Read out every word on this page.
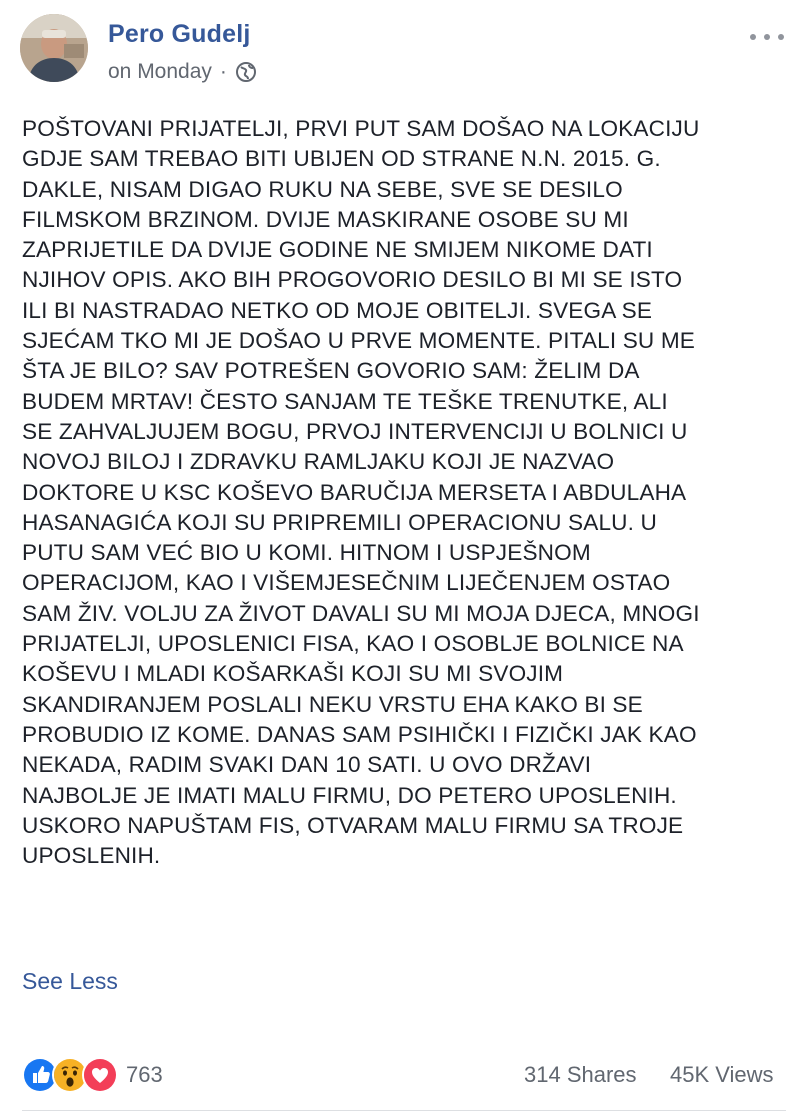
Pero Gudelj
on Monday ·

POŠTOVANI PRIJATELJI, PRVI PUT SAM DOŠAO NA LOKACIJU
GDJE SAM TREBAO BITI UBIJEN OD STRANE N.N. 2015. G.
DAKLE, NISAM DIGAO RUKU NA SEBE, SVE SE DESILO
FILMSKOM BRZINOM. DVIJE MASKIRANE OSOBE SU MI
ZAPRIJETILE DA DVIJE GODINE NE SMIJEM NIKOME DATI
NJIHOV OPIS. AKO BIH PROGOVORIO DESILO BI MI SE ISTO
ILI BI NASTRADAO NETKO OD MOJE OBITELJI. SVEGA SE
SJEĆAM TKO MI JE DOŠAO U PRVE MOMENTE. PITALI SU ME
ŠTA JE BILO? SAV POTREŠEN GOVORIO SAM: ŽELIM DA
BUDEM MRTAV! ČESTO SANJAM TE TEŠKE TRENUTKE, ALI
SE ZAHVALJUJEM BOGU, PRVOJ INTERVENCIJI U BOLNICI U
NOVOJ BILOJ I ZDRAVKU RAMLJAKU KOJI JE NAZVAO
DOKTORE U KSC KOŠEVO BARUČIJA MERSETA I ABDULAHA
HASANAGIĆA KOJI SU PRIPREMILI OPERACIONU SALU. U
PUTU SAM VEĆ BIO U KOMI. HITNOM I USPJEŠNOM
OPERACIJOM, KAO I VIŠEMJESEČNIM LIJEČENJEM OSTAO
SAM ŽIV. VOLJU ZA ŽIVOT DAVALI SU MI MOJA DJECA, MNOGI
PRIJATELJI, UPOSLENICI FISA, KAO I OSOBLJE BOLNICE NA
KOŠEVU I MLADI KOŠARKAŠI KOJI SU MI SVOJIM
SKANDIRANJEM POSLALI NEKU VRSTU EHA KAKO BI SE
PROBUDIO IZ KOME. DANAS SAM PSIHIČKI I FIZIČKI JAK KAO
NEKADA, RADIM SVAKI DAN 10 SATI. U OVO DRŽAVI
NAJBOLJE JE IMATI MALU FIRMU, DO PETERO UPOSLENIH.
USKORO NAPUŠTAM FIS, OTVARAM MALU FIRMU SA TROJE
UPOSLENIH.

See Less
763	314 Shares 45K Views
